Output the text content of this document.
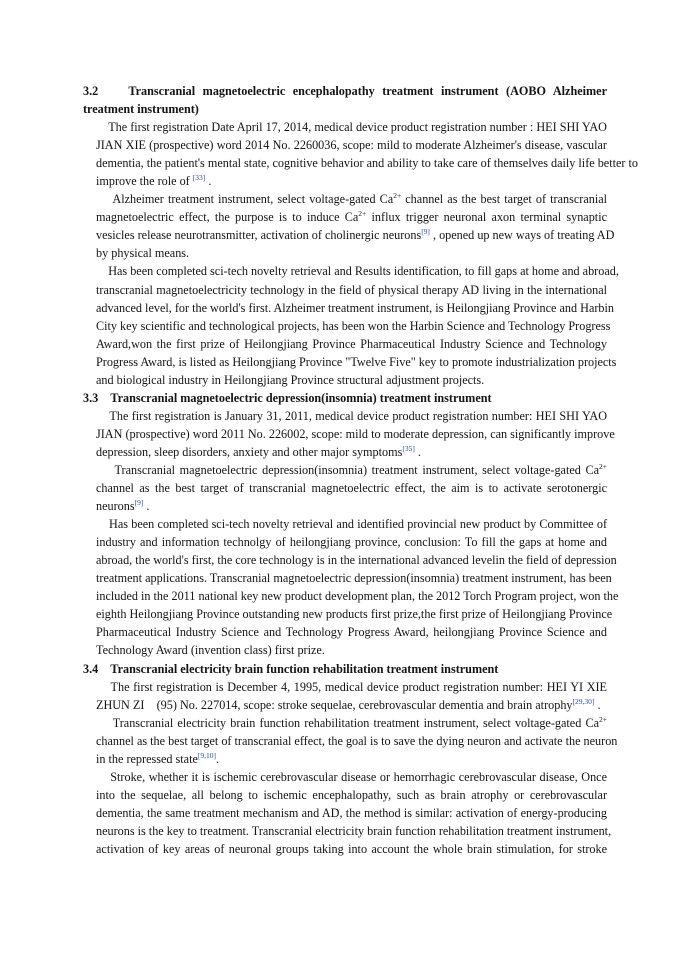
3.2    Transcranial magnetoelectric encephalopathy treatment instrument (AOBO Alzheimer
treatment instrument)
The first registration Date April 17, 2014, medical device product registration number : HEI SHI YAO
JIAN XIE (prospective) word 2014 No. 2260036, scope: mild to moderate Alzheimer's disease, vascular
dementia, the patient's mental state, cognitive behavior and ability to take care of themselves daily life better to
improve the role of [33] .
Alzheimer treatment instrument, select voltage-gated $Ca^{2+}$ channel as the best target of transcranial
magnetoelectric effect, the purpose is to induce $Ca^{2+}$ influx trigger neuronal axon terminal synaptic
vesicles release neurotransmitter, activation of cholinergic neurons[9] , opened up new ways of treating AD
by physical means.
Has been completed sci-tech novelty retrieval and Results identification, to fill gaps at home and abroad,
transcranial magnetoelectricity technology in the field of physical therapy AD living in the international
advanced level, for the world's first. Alzheimer treatment instrument, is Heilongjiang Province and Harbin
City key scientific and technological projects, has been won the Harbin Science and Technology Progress
Award,won the first prize of Heilongjiang Province Pharmaceutical Industry Science and Technology
Progress Award, is listed as Heilongjiang Province "Twelve Five" key to promote industrialization projects
and biological industry in Heilongjiang Province structural adjustment projects.
3.3    Transcranial magnetoelectric depression(insomnia) treatment instrument
The first registration is January 31, 2011, medical device product registration number: HEI SHI YAO
JIAN (prospective) word 2011 No. 226002, scope: mild to moderate depression, can significantly improve
depression, sleep disorders, anxiety and other major symptoms[35] .
Transcranial magnetoelectric depression(insomnia) treatment instrument, select voltage-gated $Ca^{2+}$
channel as the best target of transcranial magnetoelectric effect, the aim is to activate serotonergic
neurons[9] .
Has been completed sci-tech novelty retrieval and identified provincial new product by Committee of
industry and information technolgy of heilongjiang province, conclusion: To fill the gaps at home and
abroad, the world's first, the core technology is in the international advanced levelin the field of depression
treatment applications. Transcranial magnetoelectric depression(insomnia) treatment instrument, has been
included in the 2011 national key new product development plan, the 2012 Torch Program project, won the
eighth Heilongjiang Province outstanding new products first prize,the first prize of Heilongjiang Province
Pharmaceutical Industry Science and Technology Progress Award, heilongjiang Province Science and
Technology Award (invention class) first prize.
3.4    Transcranial electricity brain function rehabilitation treatment instrument
The first registration is December 4, 1995, medical device product registration number: HEI YI XIE
ZHUN ZI    (95) No. 227014, scope: stroke sequelae, cerebrovascular dementia and brain atrophy[29,30] .
Transcranial electricity brain function rehabilitation treatment instrument, select voltage-gated $Ca^{2+}$
channel as the best target of transcranial effect, the goal is to save the dying neuron and activate the neuron
in the repressed state[9,10].
Stroke, whether it is ischemic cerebrovascular disease or hemorrhagic cerebrovascular disease, Once
into the sequelae, all belong to ischemic encephalopathy, such as brain atrophy or cerebrovascular
dementia, the same treatment mechanism and AD, the method is similar: activation of energy-producing
neurons is the key to treatment. Transcranial electricity brain function rehabilitation treatment instrument,
activation of key areas of neuronal groups taking into account the whole brain stimulation, for stroke
